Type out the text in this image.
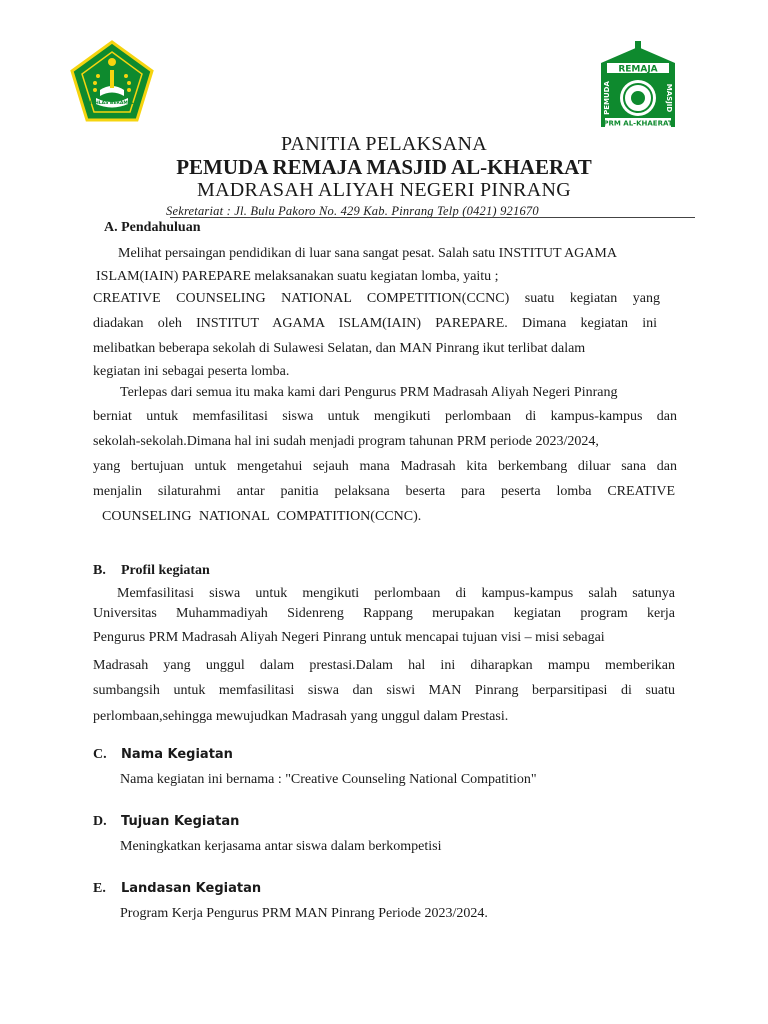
IKHLAS BERAMAL
REMAJA
PEMUDA	MASJID
PRM AL-KHAERAT
PANITIA PELAKSANA
PEMUDA REMAJA MASJID AL-KHAERAT
MADRASAH ALIYAH NEGERI PINRANG
Sekretariat : Jl. Bulu Pakoro No. 429 Kab. Pinrang Telp (0421) 921670
A. Pendahuluan
Melihat persaingan pendidikan di luar sana sangat pesat. Salah satu INSTITUT AGAMA
ISLAM(IAIN) PAREPARE melaksanakan suatu kegiatan lomba, yaitu ;
CREATIVE COUNSELING NATIONAL COMPETITION(CCNC) suatu kegiatan yang
diadakan oleh INSTITUT AGAMA ISLAM(IAIN) PAREPARE. Dimana kegiatan ini
melibatkan beberapa sekolah di Sulawesi Selatan, dan MAN Pinrang ikut terlibat dalam
kegiatan ini sebagai peserta lomba.
Terlepas dari semua itu maka kami dari Pengurus PRM Madrasah Aliyah Negeri Pinrang
berniat untuk memfasilitasi siswa untuk mengikuti perlombaan di kampus-kampus dan
sekolah-sekolah.Dimana hal ini sudah menjadi program tahunan PRM periode 2023/2024,
yang bertujuan untuk mengetahui sejauh mana Madrasah kita berkembang diluar sana dan
menjalin silaturahmi antar panitia pelaksana beserta para peserta lomba CREATIVE
COUNSELING NATIONAL COMPATITION(CCNC).
B. Profil kegiatan
Memfasilitasi siswa untuk mengikuti perlombaan di kampus-kampus salah satunya
Universitas Muhammadiyah Sidenreng Rappang merupakan kegiatan program kerja
Pengurus PRM Madrasah Aliyah Negeri Pinrang untuk mencapai tujuan visi – misi sebagai
Madrasah yang unggul dalam prestasi.Dalam hal ini diharapkan mampu memberikan
sumbangsih untuk memfasilitasi siswa dan siswi MAN Pinrang berparsitipasi di suatu
perlombaan,sehingga mewujudkan Madrasah yang unggul dalam Prestasi.
C. Nama Kegiatan
Nama kegiatan ini bernama : "Creative Counseling National Compatition"
D. Tujuan Kegiatan
Meningkatkan kerjasama antar siswa dalam berkompetisi
E. Landasan Kegiatan
Program Kerja Pengurus PRM MAN Pinrang Periode 2023/2024.
